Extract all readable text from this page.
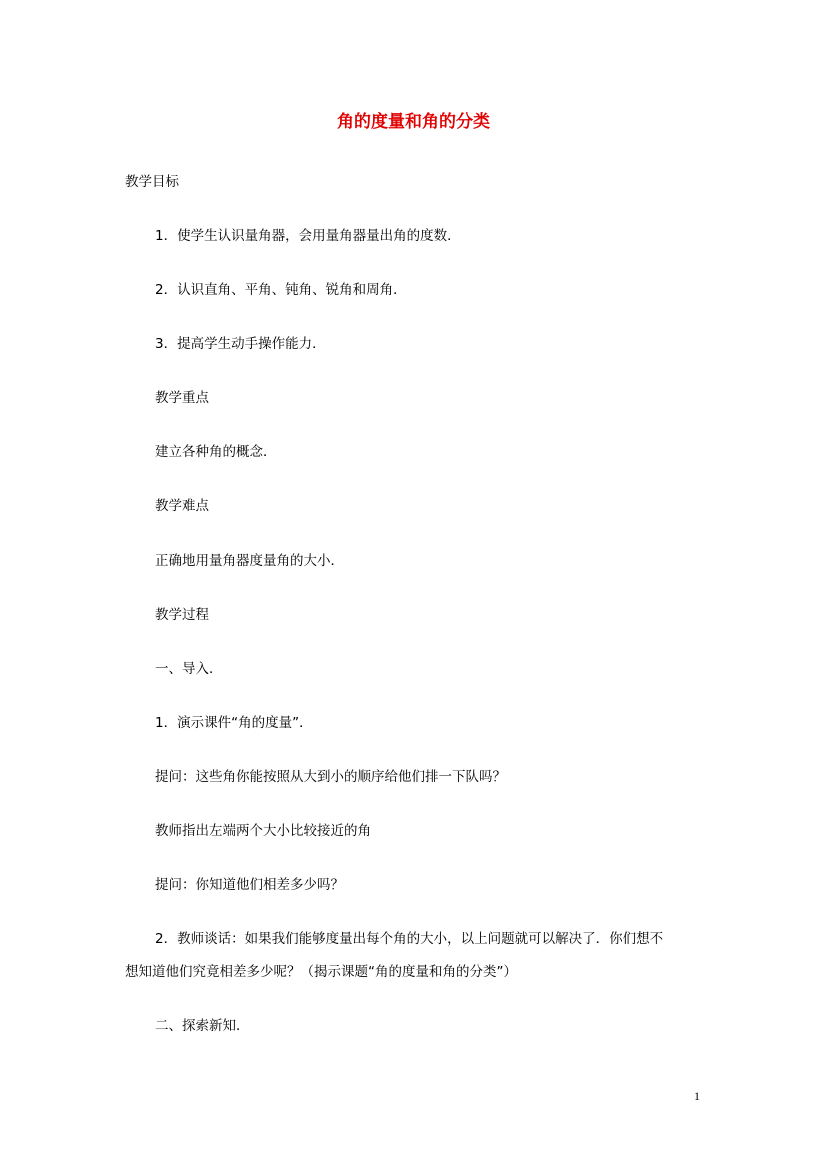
角的度量和角的分类
教学目标
1．使学生认识量角器，会用量角器量出角的度数．
2．认识直角、平角、钝角、锐角和周角．
3．提高学生动手操作能力．
教学重点
建立各种角的概念．
教学难点
正确地用量角器度量角的大小．
教学过程
一、导入．
1．演示课件“角的度量”．
提问：这些角你能按照从大到小的顺序给他们排一下队吗？
教师指出左端两个大小比较接近的角
提问：你知道他们相差多少吗？
2．教师谈话：如果我们能够度量出每个角的大小，以上问题就可以解决了．你们想不
想知道他们究竟相差多少呢？（揭示课题“角的度量和角的分类”）
二、探索新知．
1
